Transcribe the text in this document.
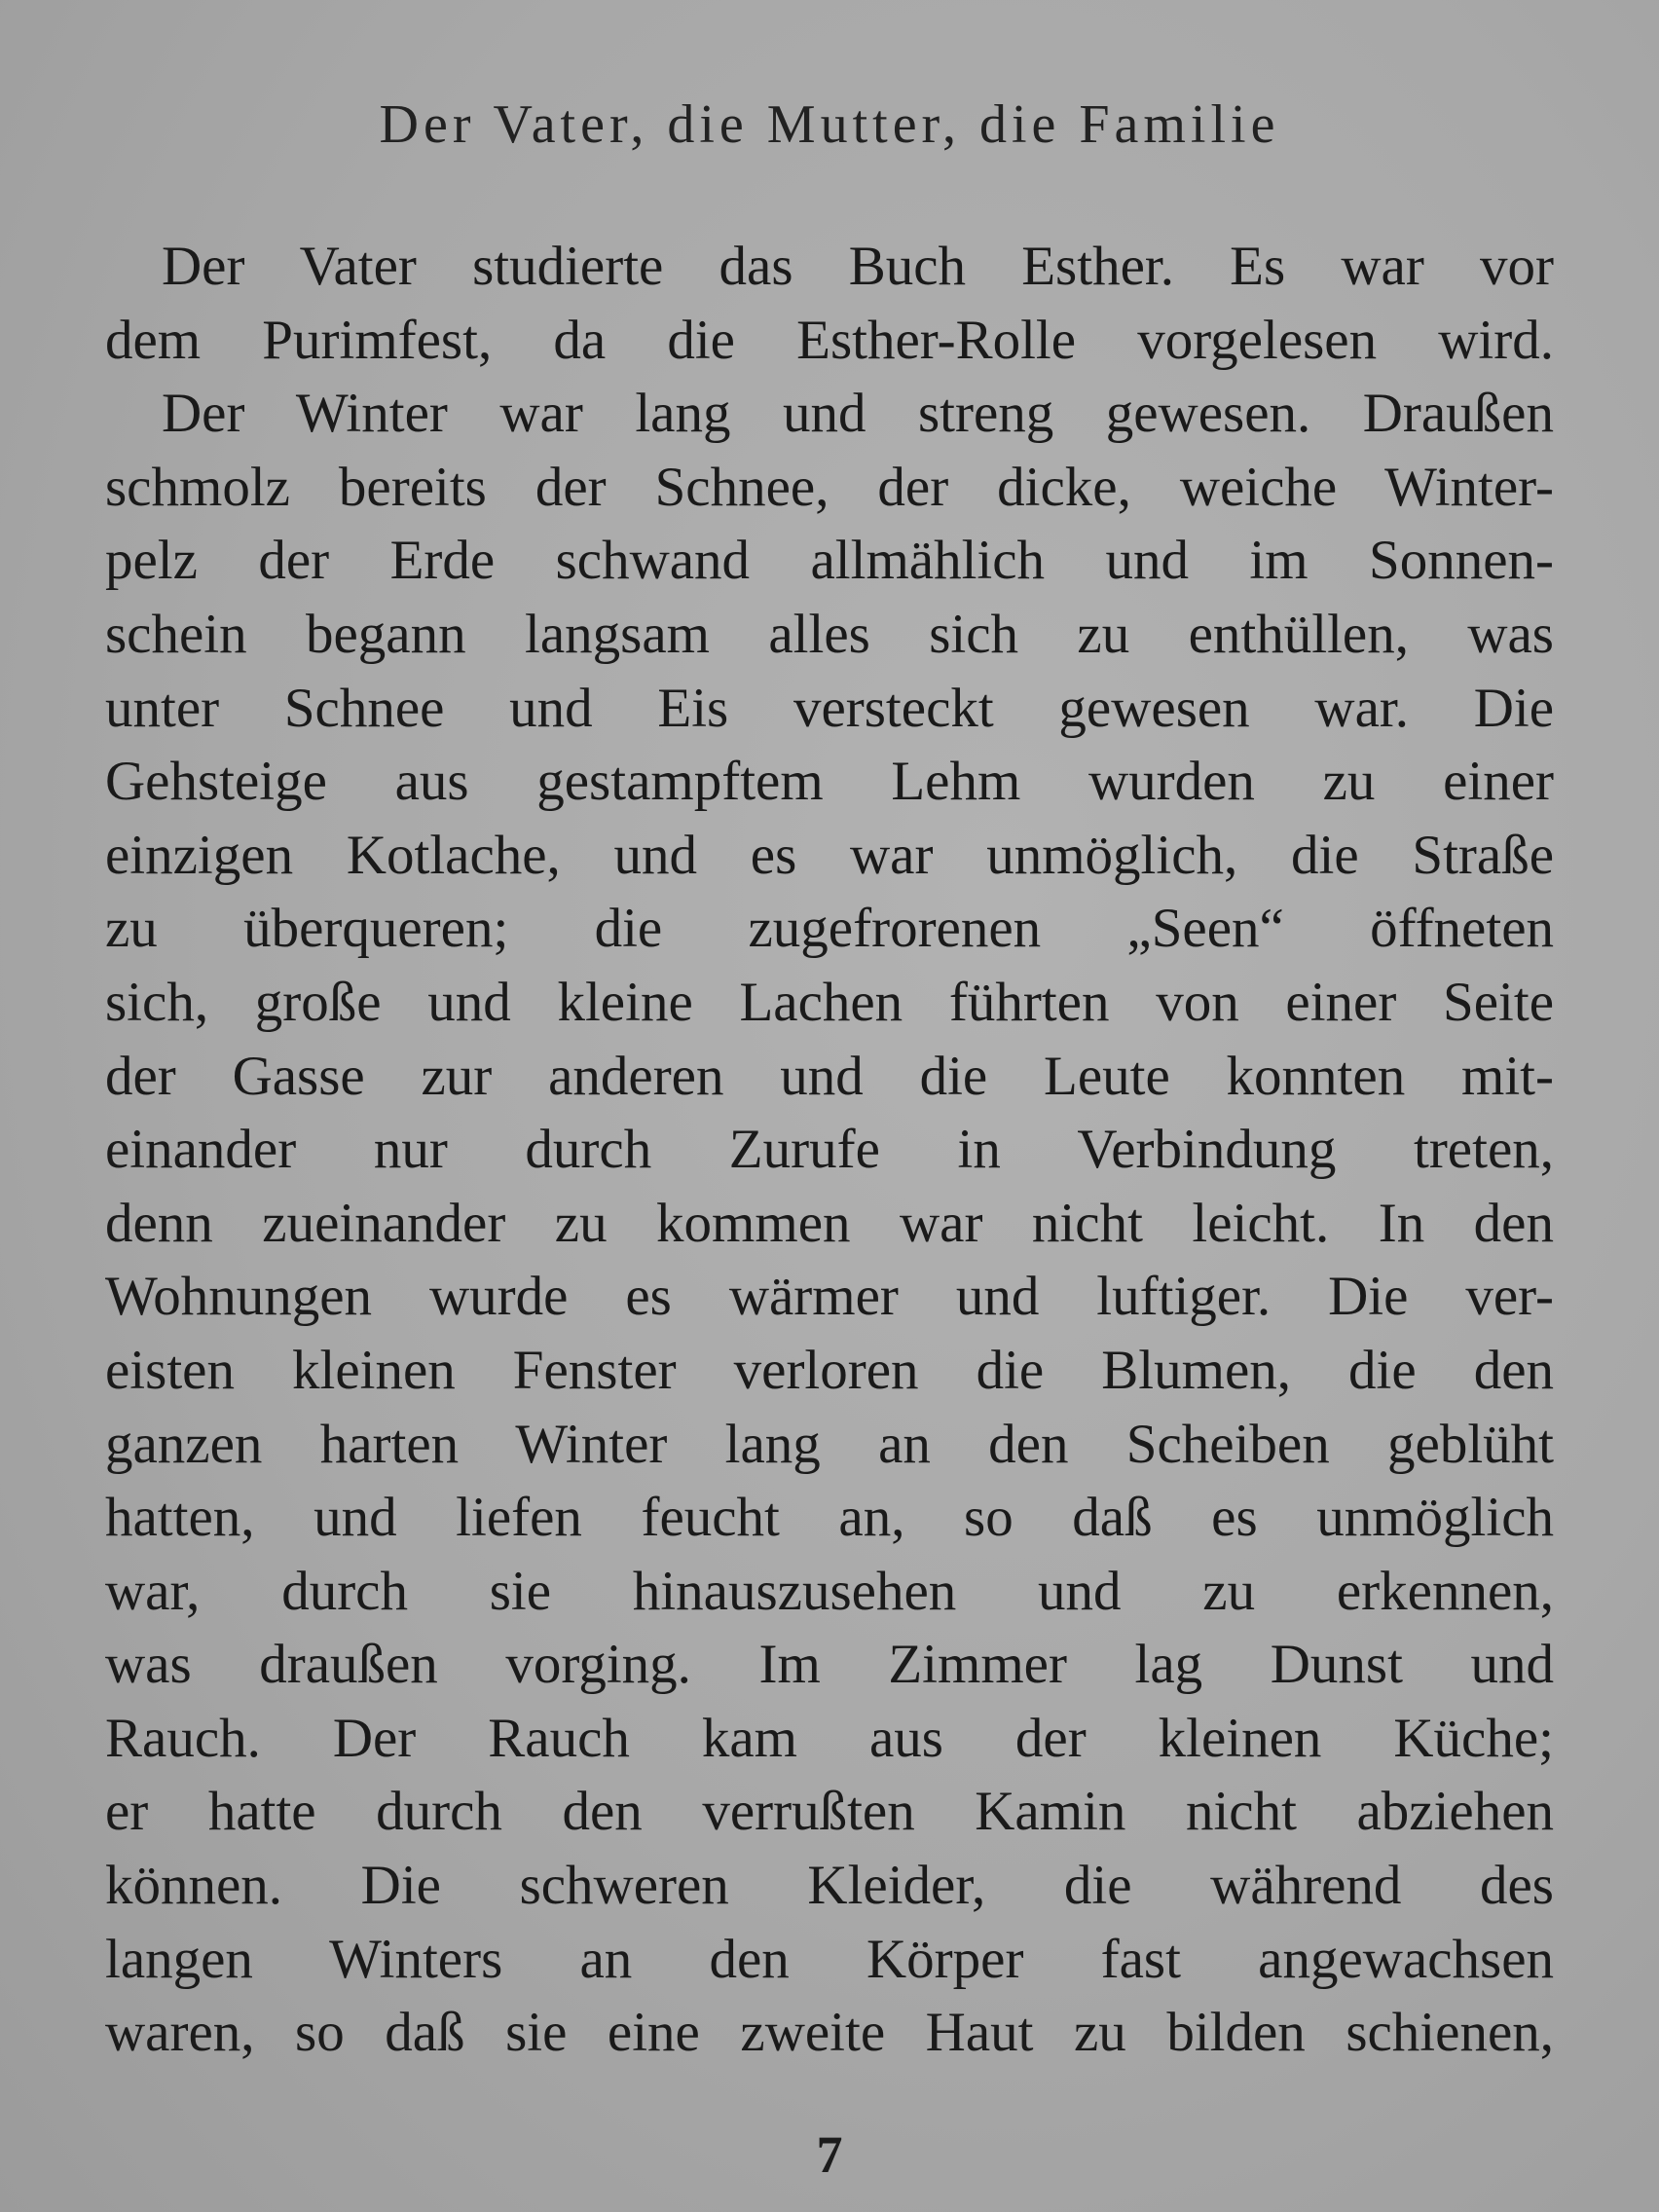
Der Vater, die Mutter, die Familie
Der Vater studierte das Buch Esther. Es war vor
dem Purimfest, da die Esther-Rolle vorgelesen wird.
Der Winter war lang und streng gewesen. Draußen
schmolz bereits der Schnee, der dicke, weiche Winter-
pelz der Erde schwand allmählich und im Sonnen-
schein begann langsam alles sich zu enthüllen, was
unter Schnee und Eis versteckt gewesen war. Die
Gehsteige aus gestampftem Lehm wurden zu einer
einzigen Kotlache, und es war unmöglich, die Straße
zu überqueren; die zugefrorenen „Seen“ öffneten
sich, große und kleine Lachen führten von einer Seite
der Gasse zur anderen und die Leute konnten mit-
einander nur durch Zurufe in Verbindung treten,
denn zueinander zu kommen war nicht leicht. In den
Wohnungen wurde es wärmer und luftiger. Die ver-
eisten kleinen Fenster verloren die Blumen, die den
ganzen harten Winter lang an den Scheiben geblüht
hatten, und liefen feucht an, so daß es unmöglich
war, durch sie hinauszusehen und zu erkennen,
was draußen vorging. Im Zimmer lag Dunst und
Rauch. Der Rauch kam aus der kleinen Küche;
er hatte durch den verrußten Kamin nicht abziehen
können. Die schweren Kleider, die während des
langen Winters an den Körper fast angewachsen
waren, so daß sie eine zweite Haut zu bilden schienen,
7
